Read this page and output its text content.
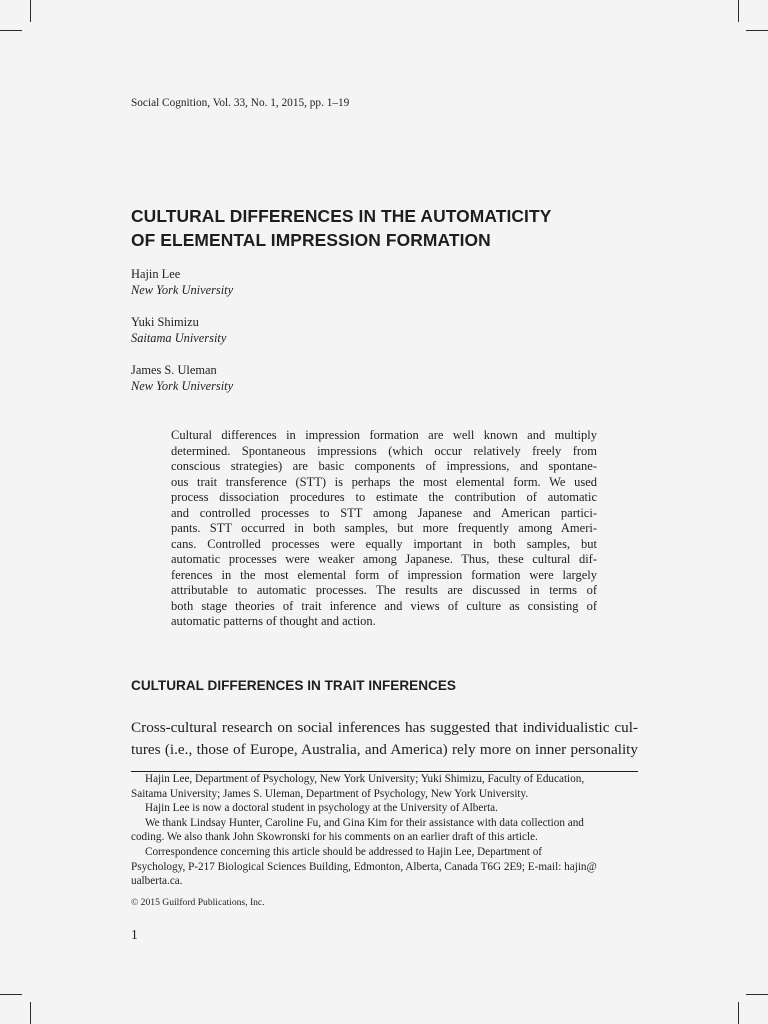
Social Cognition, Vol. 33, No. 1, 2015, pp. 1–19
CULTURAL DIFFERENCES IN THE AUTOMATICITY
OF ELEMENTAL IMPRESSION FORMATION
Hajin Lee
New York University
Yuki Shimizu
Saitama University
James S. Uleman
New York University
Cultural differences in impression formation are well known and multiply
determined. Spontaneous impressions (which occur relatively freely from
conscious strategies) are basic components of impressions, and spontane-
ous trait transference (STT) is perhaps the most elemental form. We used
process dissociation procedures to estimate the contribution of automatic
and controlled processes to STT among Japanese and American partici-
pants. STT occurred in both samples, but more frequently among Ameri-
cans. Controlled processes were equally important in both samples, but
automatic processes were weaker among Japanese. Thus, these cultural dif-
ferences in the most elemental form of impression formation were largely
attributable to automatic processes. The results are discussed in terms of
both stage theories of trait inference and views of culture as consisting of
automatic patterns of thought and action.
CULTURAL DIFFERENCES IN TRAIT INFERENCES
Cross-cultural research on social inferences has suggested that individualistic cul-
tures (i.e., those of Europe, Australia, and America) rely more on inner personality
Hajin Lee, Department of Psychology, New York University; Yuki Shimizu, Faculty of Education,
Saitama University; James S. Uleman, Department of Psychology, New York University.
Hajin Lee is now a doctoral student in psychology at the University of Alberta.
We thank Lindsay Hunter, Caroline Fu, and Gina Kim for their assistance with data collection and
coding. We also thank John Skowronski for his comments on an earlier draft of this article.
Correspondence concerning this article should be addressed to Hajin Lee, Department of
Psychology, P-217 Biological Sciences Building, Edmonton, Alberta, Canada T6G 2E9; E-mail: hajin@
ualberta.ca.
© 2015 Guilford Publications, Inc.
1
